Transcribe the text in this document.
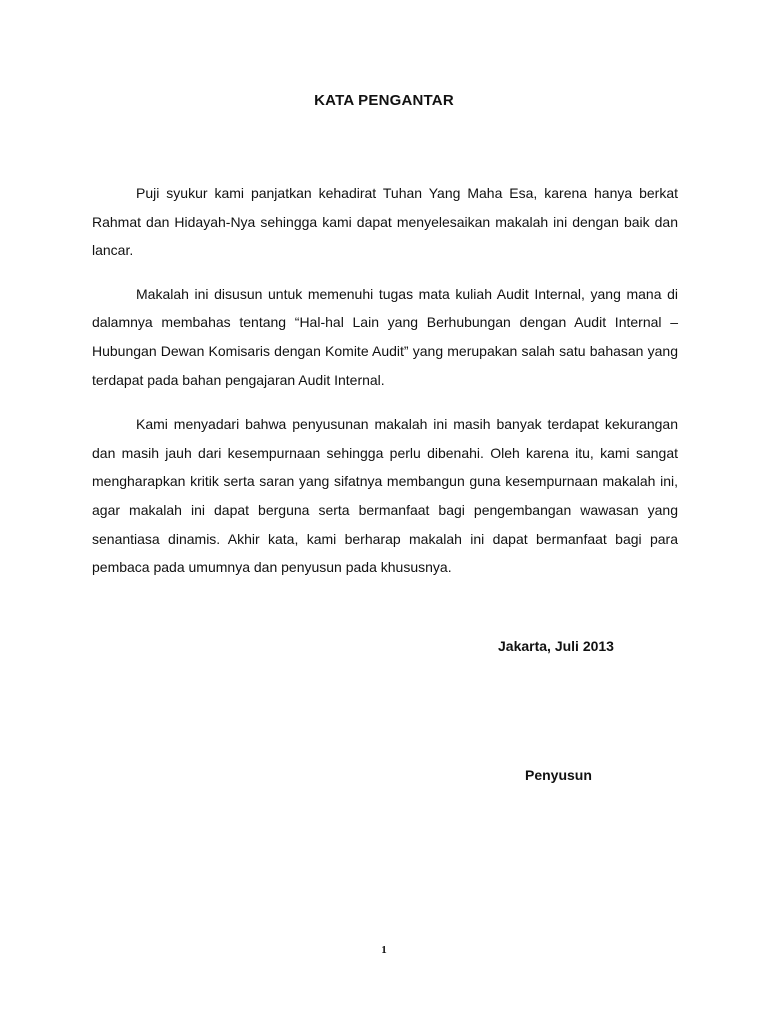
KATA PENGANTAR

Puji syukur kami panjatkan kehadirat Tuhan Yang Maha Esa, karena hanya berkat Rahmat dan Hidayah-Nya sehingga kami dapat menyelesaikan makalah ini dengan baik dan lancar.

Makalah ini disusun untuk memenuhi tugas mata kuliah Audit Internal, yang mana di dalamnya membahas tentang “Hal-hal Lain yang Berhubungan dengan Audit Internal – Hubungan Dewan Komisaris dengan Komite Audit” yang merupakan salah satu bahasan yang terdapat pada bahan pengajaran Audit Internal.

Kami menyadari bahwa penyusunan makalah ini masih banyak terdapat kekurangan dan masih jauh dari kesempurnaan sehingga perlu dibenahi. Oleh karena itu, kami sangat mengharapkan kritik serta saran yang sifatnya membangun guna kesempurnaan makalah ini, agar makalah ini dapat berguna serta bermanfaat bagi pengembangan wawasan yang senantiasa dinamis. Akhir kata, kami berharap makalah ini dapat bermanfaat bagi para pembaca pada umumnya dan penyusun pada khususnya.

Jakarta, Juli 2013
Penyusun
1
